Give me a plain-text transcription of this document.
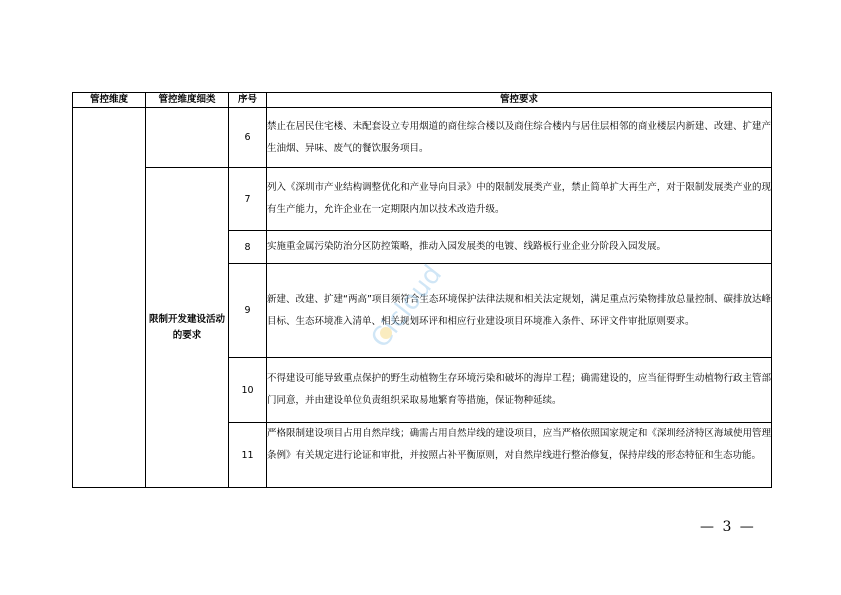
管控维度	管控维度细类	序号	管控要求
		6	禁止在居民住宅楼、未配套设立专用烟道的商住综合楼以及商住综合楼内与居住层相邻的商业楼层内新建、改建、扩建产生油烟、异味、废气的餐饮服务项目。
	限制开发建设活动的要求	7	列入《深圳市产业结构调整优化和产业导向目录》中的限制发展类产业，禁止简单扩大再生产，对于限制发展类产业的现有生产能力，允许企业在一定期限内加以技术改造升级。
		8	实施重金属污染防治分区防控策略，推动入园发展类的电镀、线路板行业企业分阶段入园发展。
		9	新建、改建、扩建“两高”项目须符合生态环境保护法律法规和相关法定规划，满足重点污染物排放总量控制、碳排放达峰目标、生态环境准入清单、相关规划环评和相应行业建设项目环境准入条件、环评文件审批原则要求。
		10	不得建设可能导致重点保护的野生动植物生存环境污染和破坏的海岸工程；确需建设的，应当征得野生动植物行政主管部门同意，并由建设单位负责组织采取易地繁育等措施，保证物种延续。
		11	严格限制建设项目占用自然岸线；确需占用自然岸线的建设项目，应当严格依照国家规定和《深圳经济特区海域使用管理条例》有关规定进行论证和审批，并按照占补平衡原则，对自然岸线进行整治修复，保持岸线的形态特征和生态功能。
Cicloud
— 3 —
